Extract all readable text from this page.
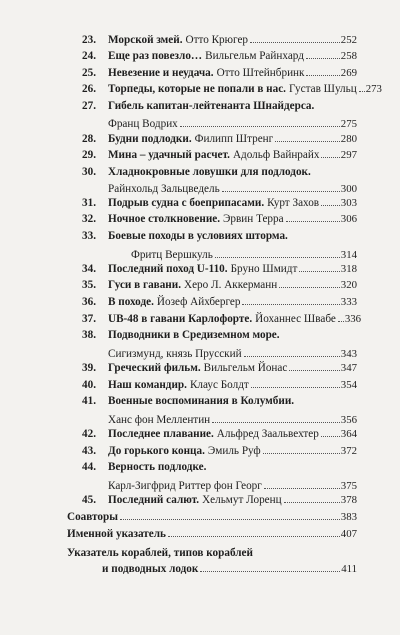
23. Морской змей. Отто Крюгер	252
24. Еще раз повезло… Вильгельм Райнхард	258
25. Невезение и неудача. Отто Штейнбринк	269
26. Торпеды, которые не попали в нас. Густав Шульц 273
27. Гибель капитан-лейтенанта Шнайдерса.
Франц Водрих	275
28. Будни подлодки. Филипп Штренг	280
29. Мина – удачный расчет. Адольф Вайнрайх 297
30. Хладнокровные ловушки для подлодок.
Райнхольд Зальцведель	300
31. Подрыв судна с боеприпасами. Курт Захов 303
32. Ночное столкновение. Эрвин Терра	306
33. Боевые походы в условиях шторма.
Фритц Вершкуль	314
34. Последний поход U-110. Бруно Шмидт	318
35. Гуси в гавани. Херо Л. Аккерманн	320
36. В походе. Йозеф Айхбергер	333
37. UB-48 в гавани Карлофорте. Йоханнес Швабе 336
38. Подводники в Средиземном море.
Сигизмунд, князь Прусский	343
39. Греческий фильм. Вильгельм Йонас	347
40. Наш командир. Клаус Болдт	354
41. Военные воспоминания в Колумбии.
Ханс фон Меллентин	356
42. Последнее плавание. Альфред Заальвехтер 364
43. До горького конца. Эмиль Руф	372
44. Верность подлодке.
Карл-Зигфрид Риттер фон Георг	375
45. Последний салют. Хельмут Лоренц	378
Соавторы	383
Именной указатель	407
Указатель кораблей, типов кораблей
и подводных лодок	411
